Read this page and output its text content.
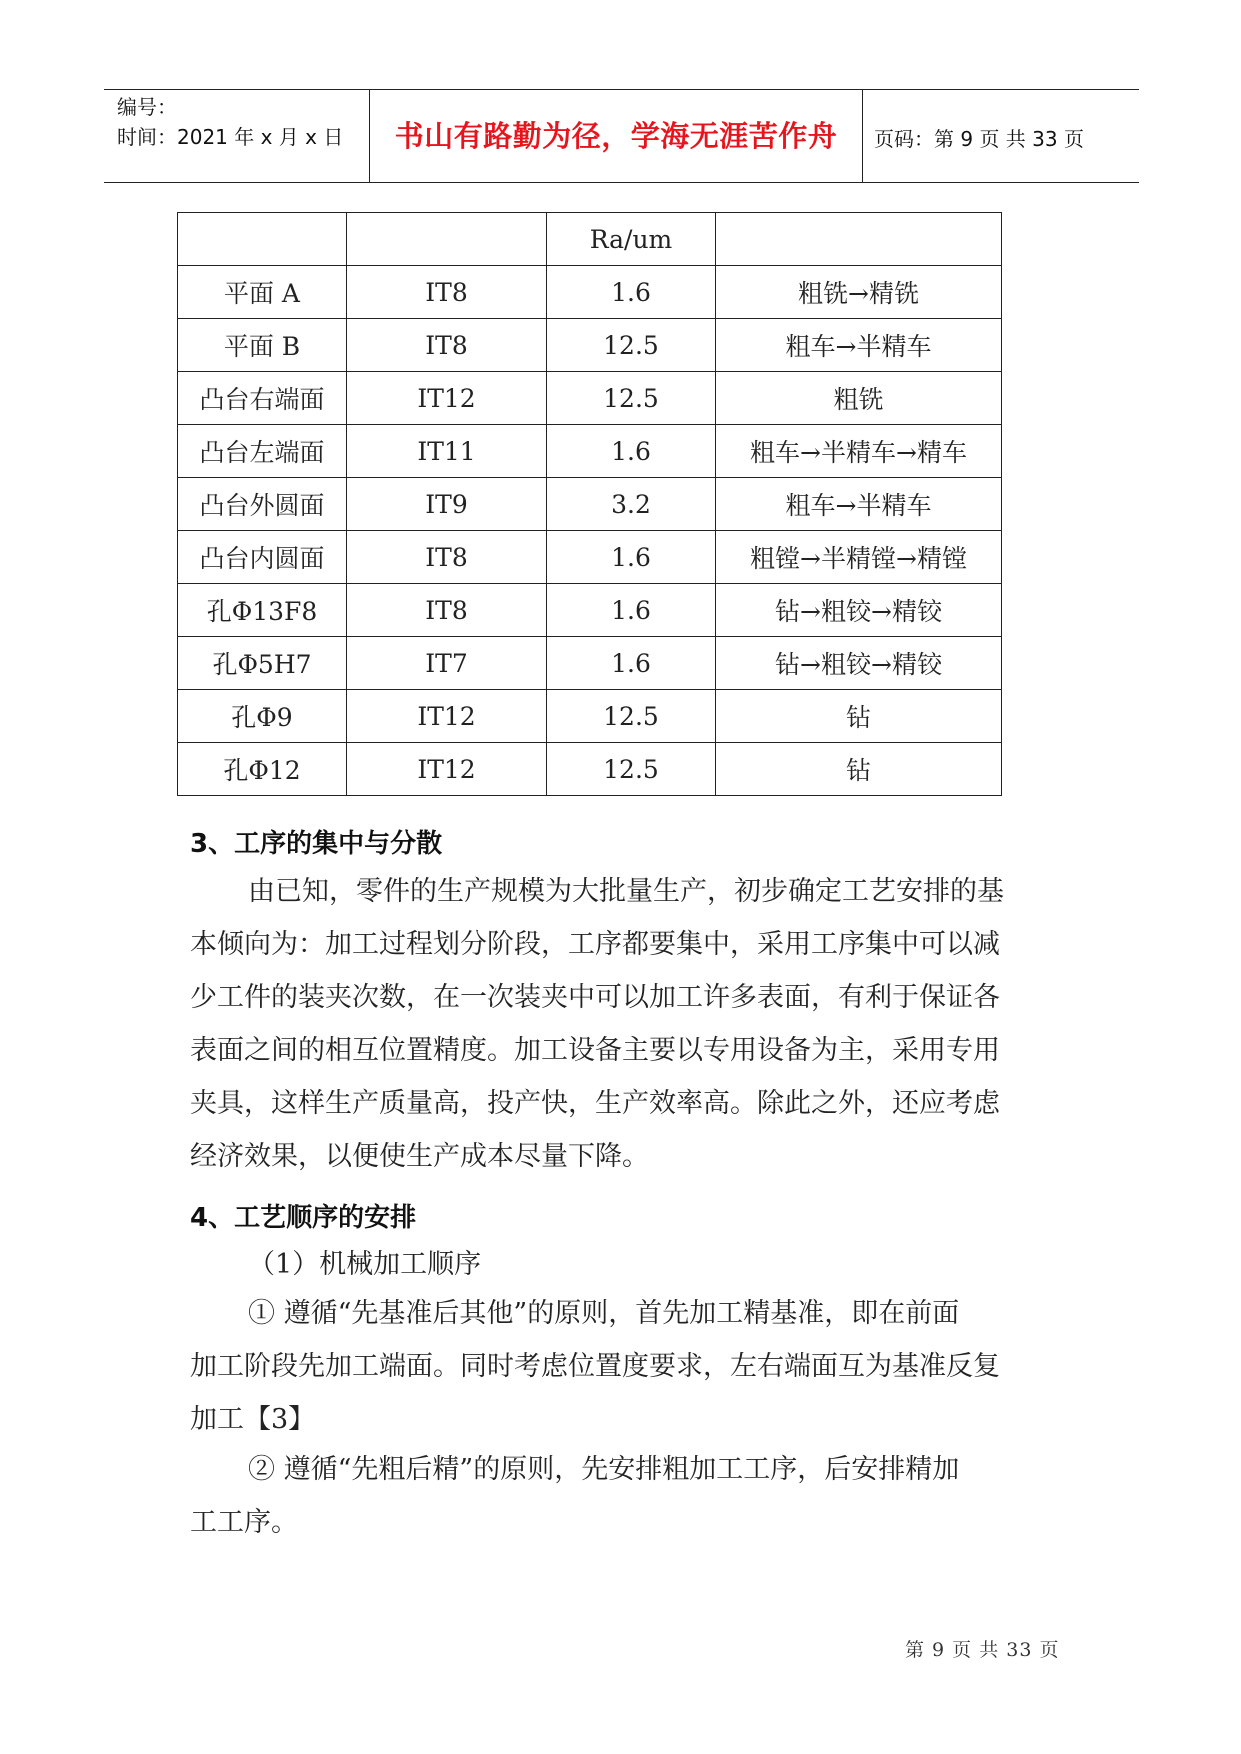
编号：
时间：2021 年 x 月 x 日	书山有路勤为径，学海无涯苦作舟	页码：第 9 页 共 33 页
		Ra/um	
平面 A	IT8	1.6	粗铣→精铣
平面 B	IT8	12.5	粗车→半精车
凸台右端面	IT12	12.5	粗铣
凸台左端面	IT11	1.6	粗车→半精车→精车
凸台外圆面	IT9	3.2	粗车→半精车
凸台内圆面	IT8	1.6	粗镗→半精镗→精镗
孔Φ13F8	IT8	1.6	钻→粗铰→精铰
孔Φ5H7	IT7	1.6	钻→粗铰→精铰
孔Φ9	IT12	12.5	钻
孔Φ12	IT12	12.5	钻
3、工序的集中与分散
由已知，零件的生产规模为大批量生产，初步确定工艺安排的基
本倾向为：加工过程划分阶段，工序都要集中，采用工序集中可以减
少工件的装夹次数，在一次装夹中可以加工许多表面，有利于保证各
表面之间的相互位置精度。加工设备主要以专用设备为主，采用专用
夹具，这样生产质量高，投产快，生产效率高。除此之外，还应考虑
经济效果，以便使生产成本尽量下降。
4、工艺顺序的安排
（1）机械加工顺序
① 遵循“先基准后其他”的原则，首先加工精基准，即在前面
加工阶段先加工端面。同时考虑位置度要求，左右端面互为基准反复
加工【3】
② 遵循“先粗后精”的原则，先安排粗加工工序，后安排精加
工工序。
第 9 页 共 33 页
